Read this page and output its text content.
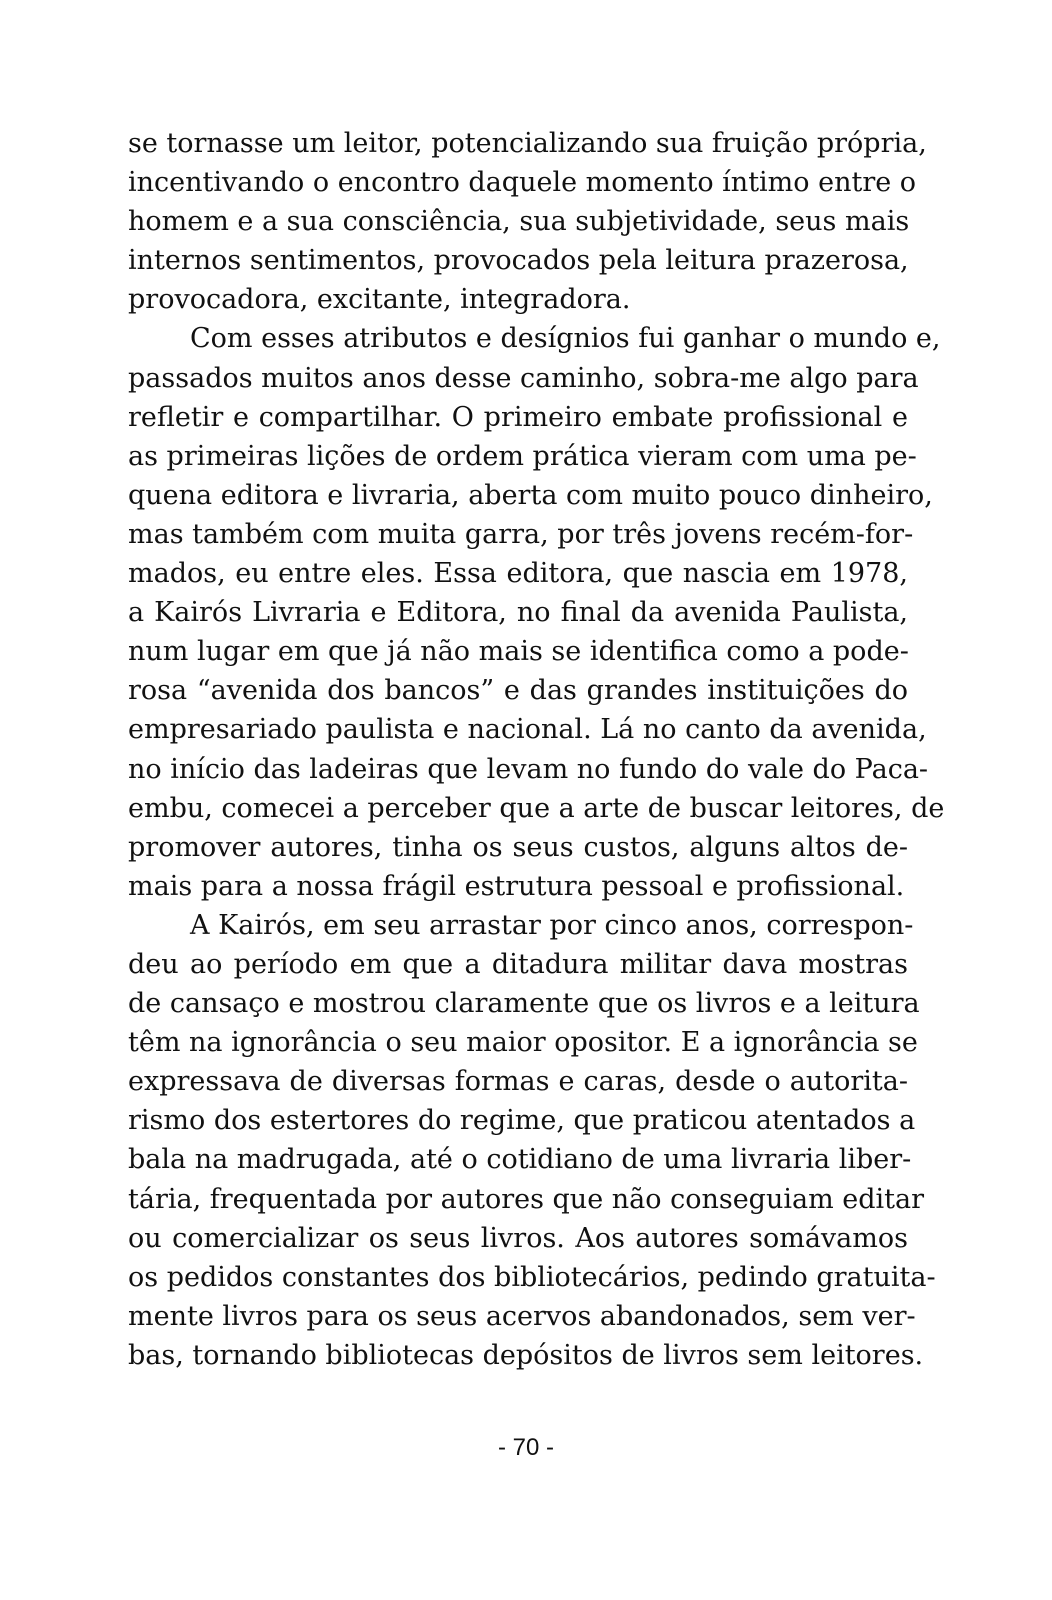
se tornasse um leitor, potencializando sua fruição própria,
incentivando o encontro daquele momento íntimo entre o
homem e a sua consciência, sua subjetividade, seus mais
internos sentimentos, provocados pela leitura prazerosa,
provocadora, excitante, integradora.
Com esses atributos e desígnios fui ganhar o mundo e,
passados muitos anos desse caminho, sobra-me algo para
refletir e compartilhar. O primeiro embate profissional e
as primeiras lições de ordem prática vieram com uma pe-
quena editora e livraria, aberta com muito pouco dinheiro,
mas também com muita garra, por três jovens recém-for-
mados, eu entre eles. Essa editora, que nascia em 1978,
a Kairós Livraria e Editora, no final da avenida Paulista,
num lugar em que já não mais se identifica como a pode-
rosa “avenida dos bancos” e das grandes instituições do
empresariado paulista e nacional. Lá no canto da avenida,
no início das ladeiras que levam no fundo do vale do Paca-
embu, comecei a perceber que a arte de buscar leitores, de
promover autores, tinha os seus custos, alguns altos de-
mais para a nossa frágil estrutura pessoal e profissional.
A Kairós, em seu arrastar por cinco anos, correspon-
deu ao período em que a ditadura militar dava mostras
de cansaço e mostrou claramente que os livros e a leitura
têm na ignorância o seu maior opositor. E a ignorância se
expressava de diversas formas e caras, desde o autorita-
rismo dos estertores do regime, que praticou atentados a
bala na madrugada, até o cotidiano de uma livraria liber-
tária, frequentada por autores que não conseguiam editar
ou comercializar os seus livros. Aos autores somávamos
os pedidos constantes dos bibliotecários, pedindo gratuita-
mente livros para os seus acervos abandonados, sem ver-
bas, tornando bibliotecas depósitos de livros sem leitores.
- 70 -
